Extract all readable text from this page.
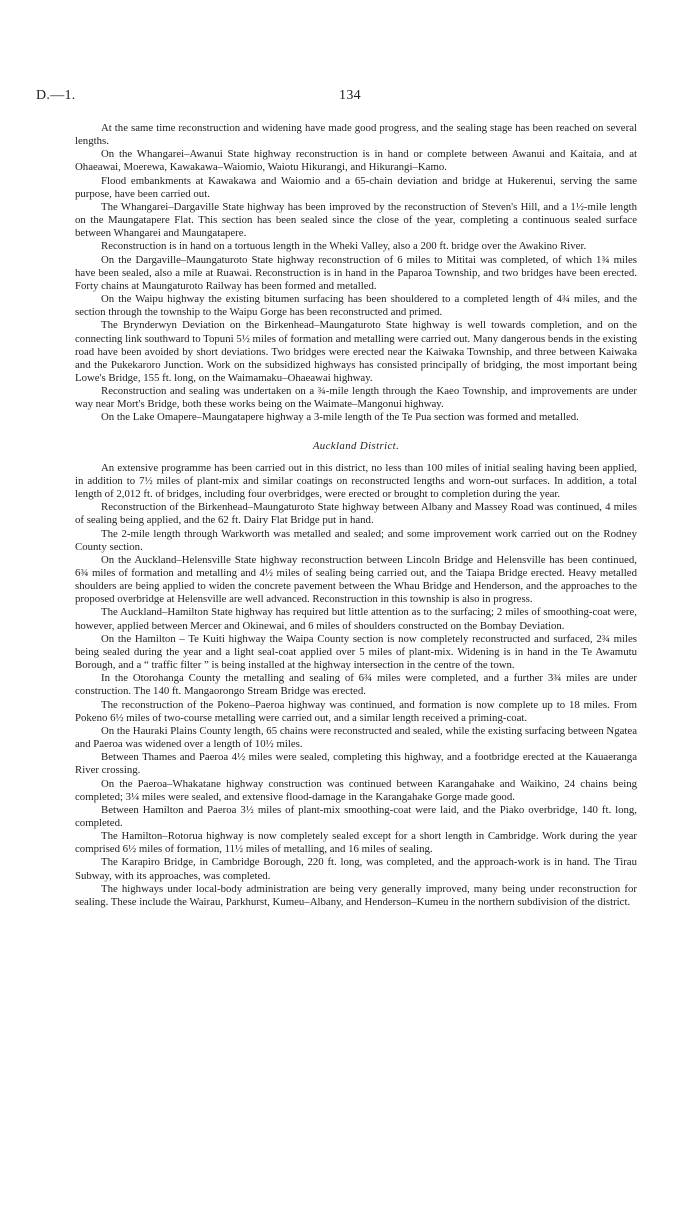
D.—1.	134

At the same time reconstruction and widening have made good progress, and the sealing stage has been reached on several lengths.

On the Whangarei–Awanui State highway reconstruction is in hand or complete between Awanui and Kaitaia, and at Ohaeawai, Moerewa, Kawakawa–Waiomio, Waiotu Hikurangi, and Hikurangi–Kamo.

Flood embankments at Kawakawa and Waiomio and a 65-chain deviation and bridge at Hukerenui, serving the same purpose, have been carried out.

The Whangarei–Dargaville State highway has been improved by the reconstruction of Steven's Hill, and a 1½-mile length on the Maungatapere Flat. This section has been sealed since the close of the year, completing a continuous sealed surface between Whangarei and Maungatapere.

Reconstruction is in hand on a tortuous length in the Wheki Valley, also a 200 ft. bridge over the Awakino River.

On the Dargaville–Maungaturoto State highway reconstruction of 6 miles to Mititai was completed, of which 1¾ miles have been sealed, also a mile at Ruawai. Reconstruction is in hand in the Paparoa Township, and two bridges have been erected. Forty chains at Maungaturoto Railway has been formed and metalled.

On the Waipu highway the existing bitumen surfacing has been shouldered to a completed length of 4¾ miles, and the section through the township to the Waipu Gorge has been reconstructed and primed.

The Brynderwyn Deviation on the Birkenhead–Maungaturoto State highway is well towards completion, and on the connecting link southward to Topuni 5½ miles of formation and metalling were carried out. Many dangerous bends in the existing road have been avoided by short deviations. Two bridges were erected near the Kaiwaka Township, and three between Kaiwaka and the Pukekaroro Junction. Work on the subsidized highways has consisted principally of bridging, the most important being Lowe's Bridge, 155 ft. long, on the Waimamaku–Ohaeawai highway.

Reconstruction and sealing was undertaken on a ¾-mile length through the Kaeo Township, and improvements are under way near Mort's Bridge, both these works being on the Waimate–Mangonui highway.

On the Lake Omapere–Maungatapere highway a 3-mile length of the Te Pua section was formed and metalled.

Auckland District.

An extensive programme has been carried out in this district, no less than 100 miles of initial sealing having been applied, in addition to 7½ miles of plant-mix and similar coatings on reconstructed lengths and worn-out surfaces. In addition, a total length of 2,012 ft. of bridges, including four overbridges, were erected or brought to completion during the year.

Reconstruction of the Birkenhead–Maungaturoto State highway between Albany and Massey Road was continued, 4 miles of sealing being applied, and the 62 ft. Dairy Flat Bridge put in hand.

The 2-mile length through Warkworth was metalled and sealed; and some improvement work carried out on the Rodney County section.

On the Auckland–Helensville State highway reconstruction between Lincoln Bridge and Helensville has been continued, 6¾ miles of formation and metalling and 4½ miles of sealing being carried out, and the Taiapa Bridge erected. Heavy metalled shoulders are being applied to widen the concrete pavement between the Whau Bridge and Henderson, and the approaches to the proposed overbridge at Helensville are well advanced. Reconstruction in this township is also in progress.

The Auckland–Hamilton State highway has required but little attention as to the surfacing; 2 miles of smoothing-coat were, however, applied between Mercer and Okinewai, and 6 miles of shoulders constructed on the Bombay Deviation.

On the Hamilton – Te Kuiti highway the Waipa County section is now completely reconstructed and surfaced, 2¾ miles being sealed during the year and a light seal-coat applied over 5 miles of plant-mix. Widening is in hand in the Te Awamutu Borough, and a “ traffic filter ” is being installed at the highway intersection in the centre of the town.

In the Otorohanga County the metalling and sealing of 6¾ miles were completed, and a further 3¾ miles are under construction. The 140 ft. Mangaorongo Stream Bridge was erected.

The reconstruction of the Pokeno–Paeroa highway was continued, and formation is now complete up to 18 miles. From Pokeno 6½ miles of two-course metalling were carried out, and a similar length received a priming-coat.

On the Hauraki Plains County length, 65 chains were reconstructed and sealed, while the existing surfacing between Ngatea and Paeroa was widened over a length of 10½ miles.

Between Thames and Paeroa 4½ miles were sealed, completing this highway, and a footbridge erected at the Kauaeranga River crossing.

On the Paeroa–Whakatane highway construction was continued between Karangahake and Waikino, 24 chains being completed; 3¼ miles were sealed, and extensive flood-damage in the Karangahake Gorge made good.

Between Hamilton and Paeroa 3½ miles of plant-mix smoothing-coat were laid, and the Piako overbridge, 140 ft. long, completed.

The Hamilton–Rotorua highway is now completely sealed except for a short length in Cambridge. Work during the year comprised 6½ miles of formation, 11½ miles of metalling, and 16 miles of sealing.

The Karapiro Bridge, in Cambridge Borough, 220 ft. long, was completed, and the approach-work is in hand. The Tirau Subway, with its approaches, was completed.

The highways under local-body administration are being very generally improved, many being under reconstruction for sealing. These include the Wairau, Parkhurst, Kumeu–Albany, and Henderson–Kumeu in the northern subdivision of the district.
